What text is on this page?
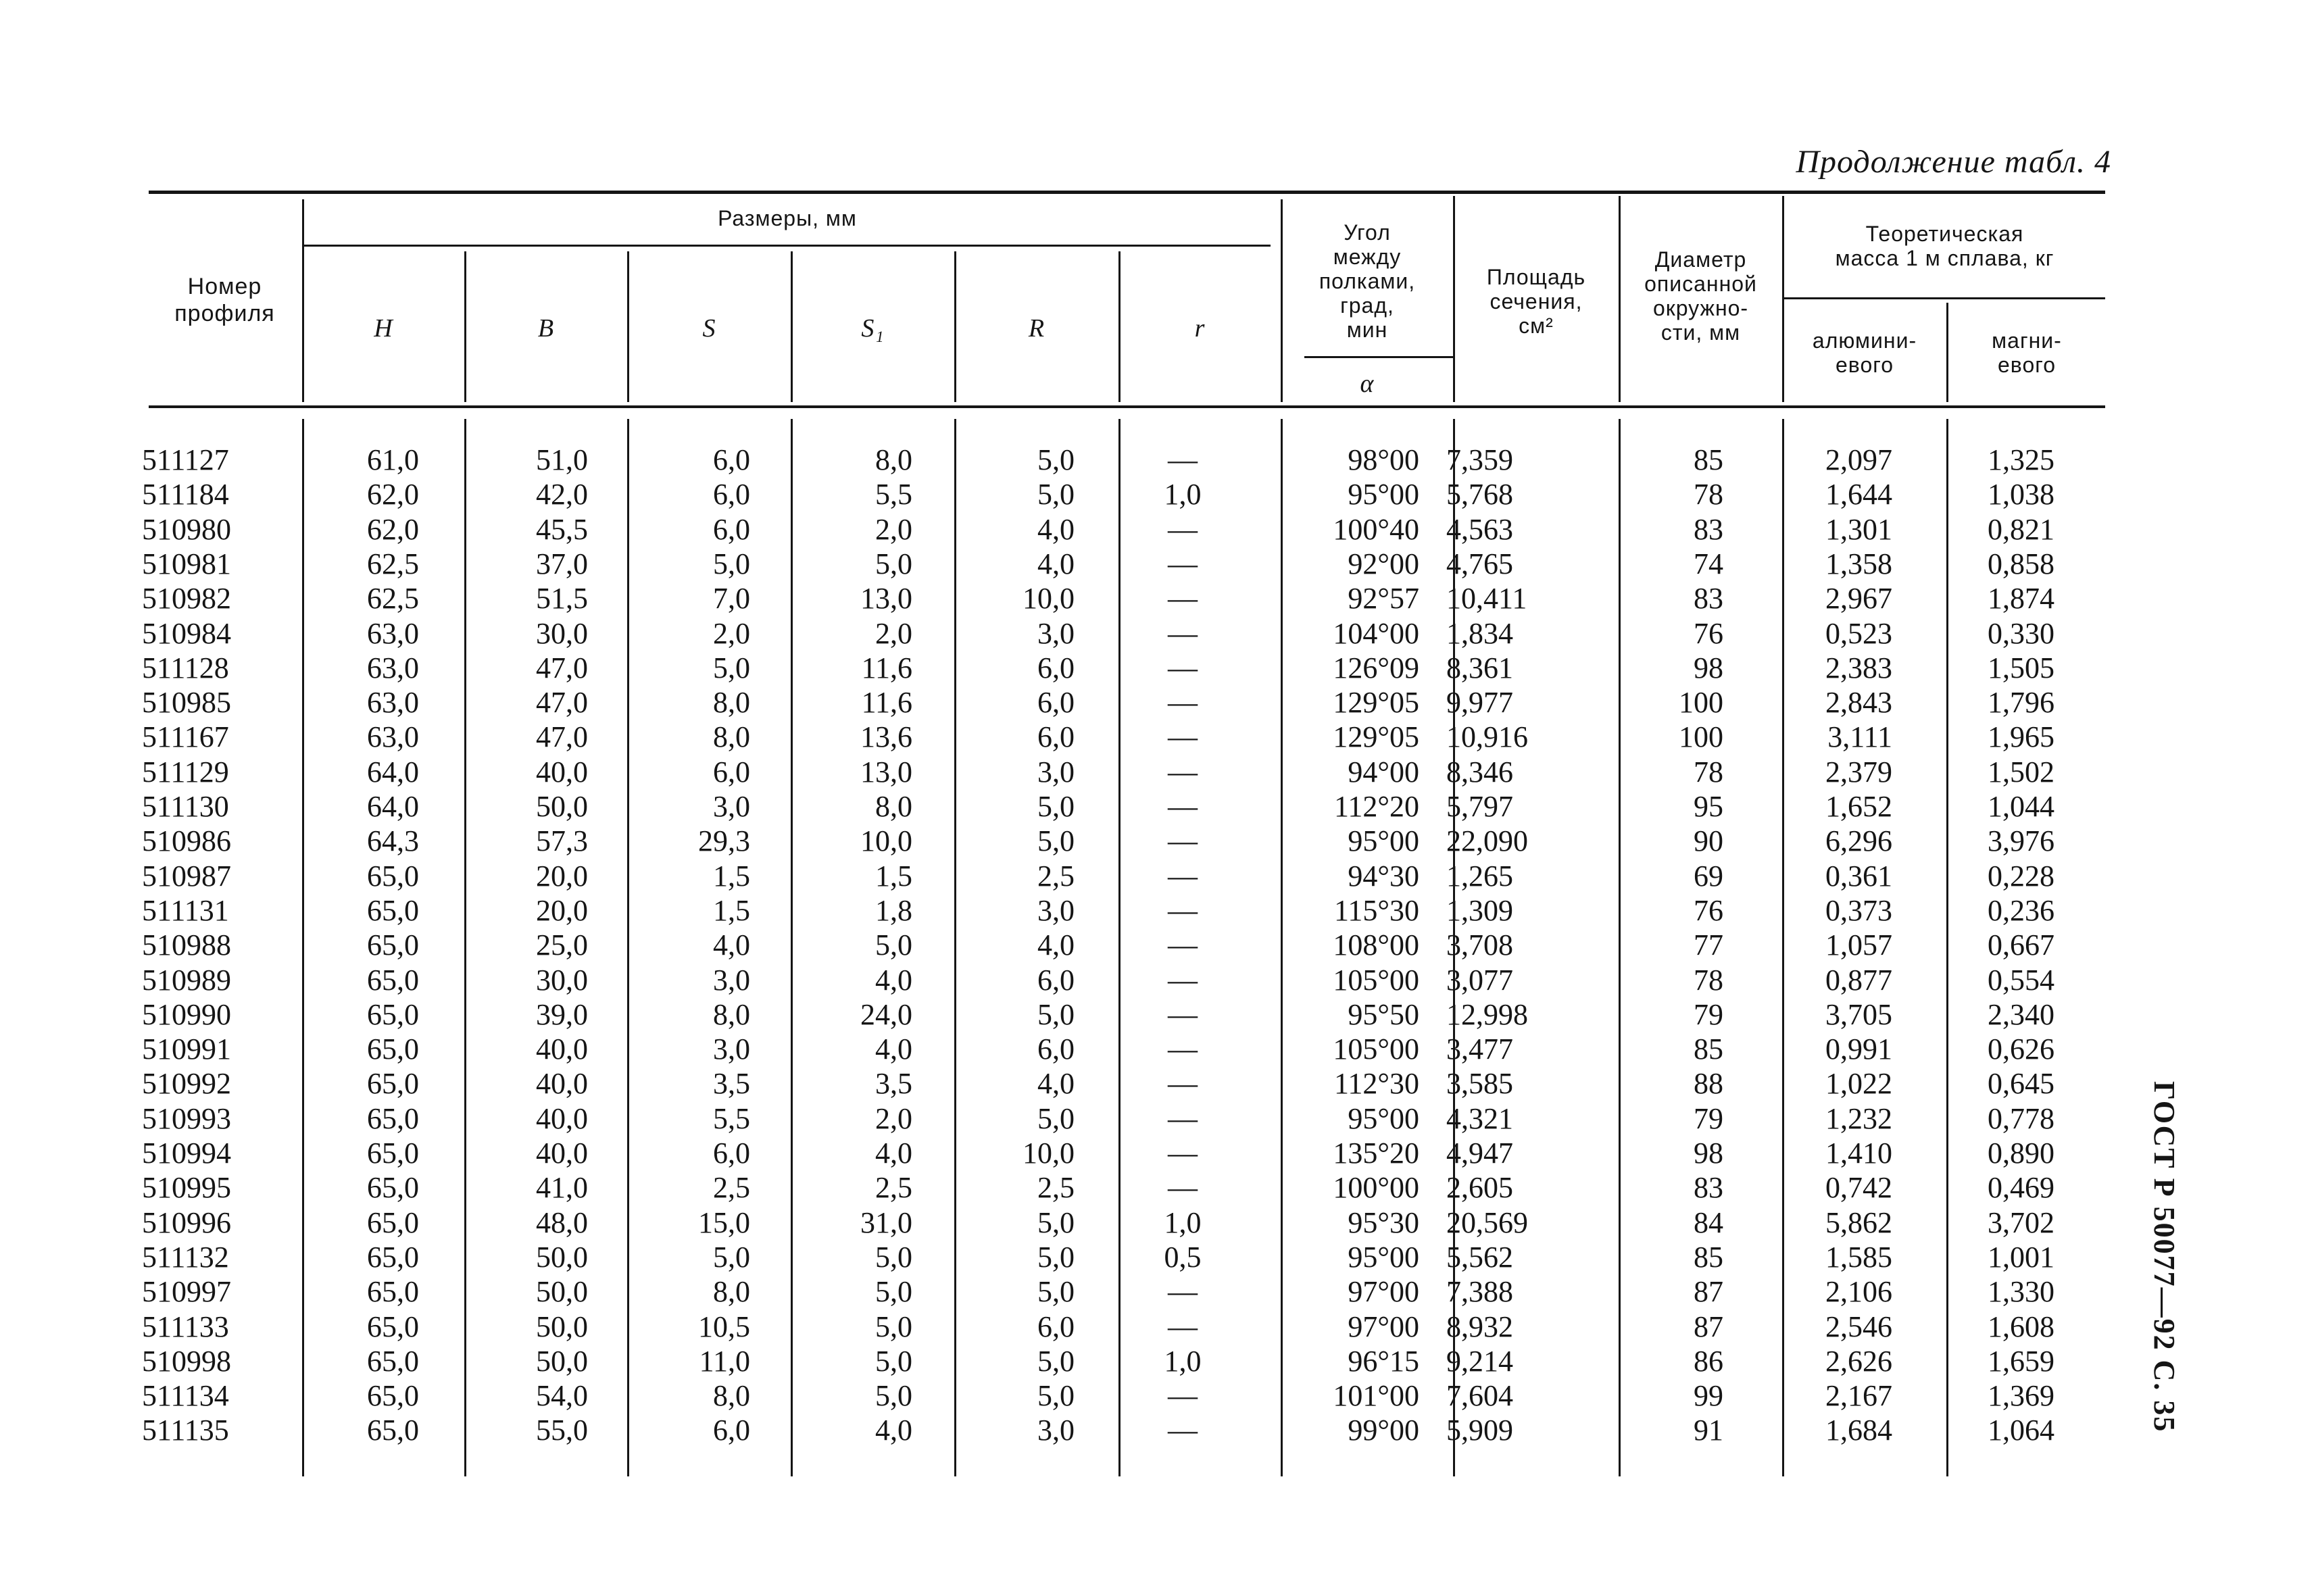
Продолжение табл. 4
ГОСТ Р 50077—92 С. 35
Номер
профиля
Размеры, мм
H	B	S	S₁	R	r
Угол
между
полками,
град,
мин
α
Площадь
сечения,
см²
Диаметр
описанной
окружно-
сти, мм
Теоретическая
масса 1 м сплава, кг
алюмини-
евого
магни-
евого
511127	61,0	51,0	6,0	8,0	5,0	—	98°00 7,359	85	2,097	1,325
511184	62,0	42,0	6,0	5,5	5,0	1,0	95°00 5,768	78	1,644	1,038
510980	62,0	45,5	6,0	2,0	4,0	—	100°40 4,563	83	1,301	0,821
510981	62,5	37,0	5,0	5,0	4,0	—	92°00 4,765	74	1,358	0,858
510982	62,5	51,5	7,0	13,0	10,0	—	92°57 10,411	83	2,967	1,874
510984	63,0	30,0	2,0	2,0	3,0	—	104°00 1,834	76	0,523	0,330
511128	63,0	47,0	5,0	11,6	6,0	—	126°09 8,361	98	2,383	1,505
510985	63,0	47,0	8,0	11,6	6,0	—	129°05 9,977	100	2,843	1,796
511167	63,0	47,0	8,0	13,6	6,0	—	129°05 10,916	100	3,111	1,965
511129	64,0	40,0	6,0	13,0	3,0	—	94°00 8,346	78	2,379	1,502
511130	64,0	50,0	3,0	8,0	5,0	—	112°20 5,797	95	1,652	1,044
510986	64,3	57,3	29,3	10,0	5,0	—	95°00 22,090	90	6,296	3,976
510987	65,0	20,0	1,5	1,5	2,5	—	94°30 1,265	69	0,361	0,228
511131	65,0	20,0	1,5	1,8	3,0	—	115°30 1,309	76	0,373	0,236
510988	65,0	25,0	4,0	5,0	4,0	—	108°00 3,708	77	1,057	0,667
510989	65,0	30,0	3,0	4,0	6,0	—	105°00 3,077	78	0,877	0,554
510990	65,0	39,0	8,0	24,0	5,0	—	95°50 12,998	79	3,705	2,340
510991	65,0	40,0	3,0	4,0	6,0	—	105°00 3,477	85	0,991	0,626
510992	65,0	40,0	3,5	3,5	4,0	—	112°30 3,585	88	1,022	0,645
510993	65,0	40,0	5,5	2,0	5,0	—	95°00 4,321	79	1,232	0,778
510994	65,0	40,0	6,0	4,0	10,0	—	135°20 4,947	98	1,410	0,890
510995	65,0	41,0	2,5	2,5	2,5	—	100°00 2,605	83	0,742	0,469
510996	65,0	48,0	15,0	31,0	5,0	1,0	95°30 20,569	84	5,862	3,702
511132	65,0	50,0	5,0	5,0	5,0	0,5	95°00 5,562	85	1,585	1,001
510997	65,0	50,0	8,0	5,0	5,0	—	97°00 7,388	87	2,106	1,330
511133	65,0	50,0	10,5	5,0	6,0	—	97°00 8,932	87	2,546	1,608
510998	65,0	50,0	11,0	5,0	5,0	1,0	96°15 9,214	86	2,626	1,659
511134	65,0	54,0	8,0	5,0	5,0	—	101°00 7,604	99	2,167	1,369
511135	65,0	55,0	6,0	4,0	3,0	—	99°00 5,909	91	1,684	1,064
